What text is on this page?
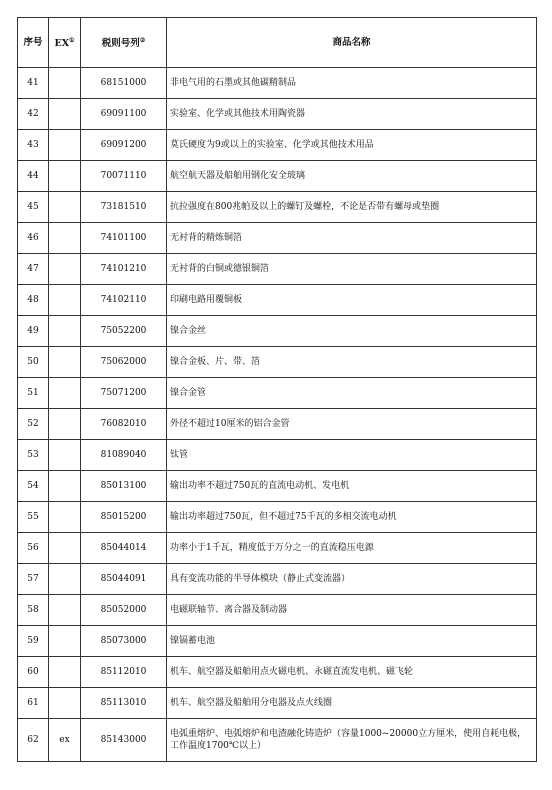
序号	EX①	税则号列②	商品名称
41		68151000	非电气用的石墨或其他碳精制品
42		69091100	实验室、化学或其他技术用陶瓷器
43		69091200	莫氏硬度为9或以上的实验室、化学或其他技术用品
44		70071110	航空航天器及船舶用钢化安全玻璃
45		73181510	抗拉强度在800兆帕及以上的螺钉及螺栓，不论是否带有螺母或垫圈
46		74101100	无衬背的精炼铜箔
47		74101210	无衬背的白铜或德银铜箔
48		74102110	印刷电路用覆铜板
49		75052200	镍合金丝
50		75062000	镍合金板、片、带、箔
51		75071200	镍合金管
52		76082010	外径不超过10厘米的铝合金管
53		81089040	钛管
54		85013100	输出功率不超过750瓦的直流电动机、发电机
55		85015200	输出功率超过750瓦，但不超过75千瓦的多相交流电动机
56		85044014	功率小于1千瓦，精度低于万分之一的直流稳压电源
57		85044091	具有变流功能的半导体模块（静止式变流器）
58		85052000	电磁联轴节、离合器及制动器
59		85073000	镍镉蓄电池
60		85112010	机车、航空器及船舶用点火磁电机、永磁直流发电机、磁飞轮
61		85113010	机车、航空器及船舶用分电器及点火线圈
62	ex	85143000	电弧重熔炉、电弧熔炉和电渣融化铸造炉（容量1000~20000立方厘米，使用自耗电极，工作温度1700℃以上）
